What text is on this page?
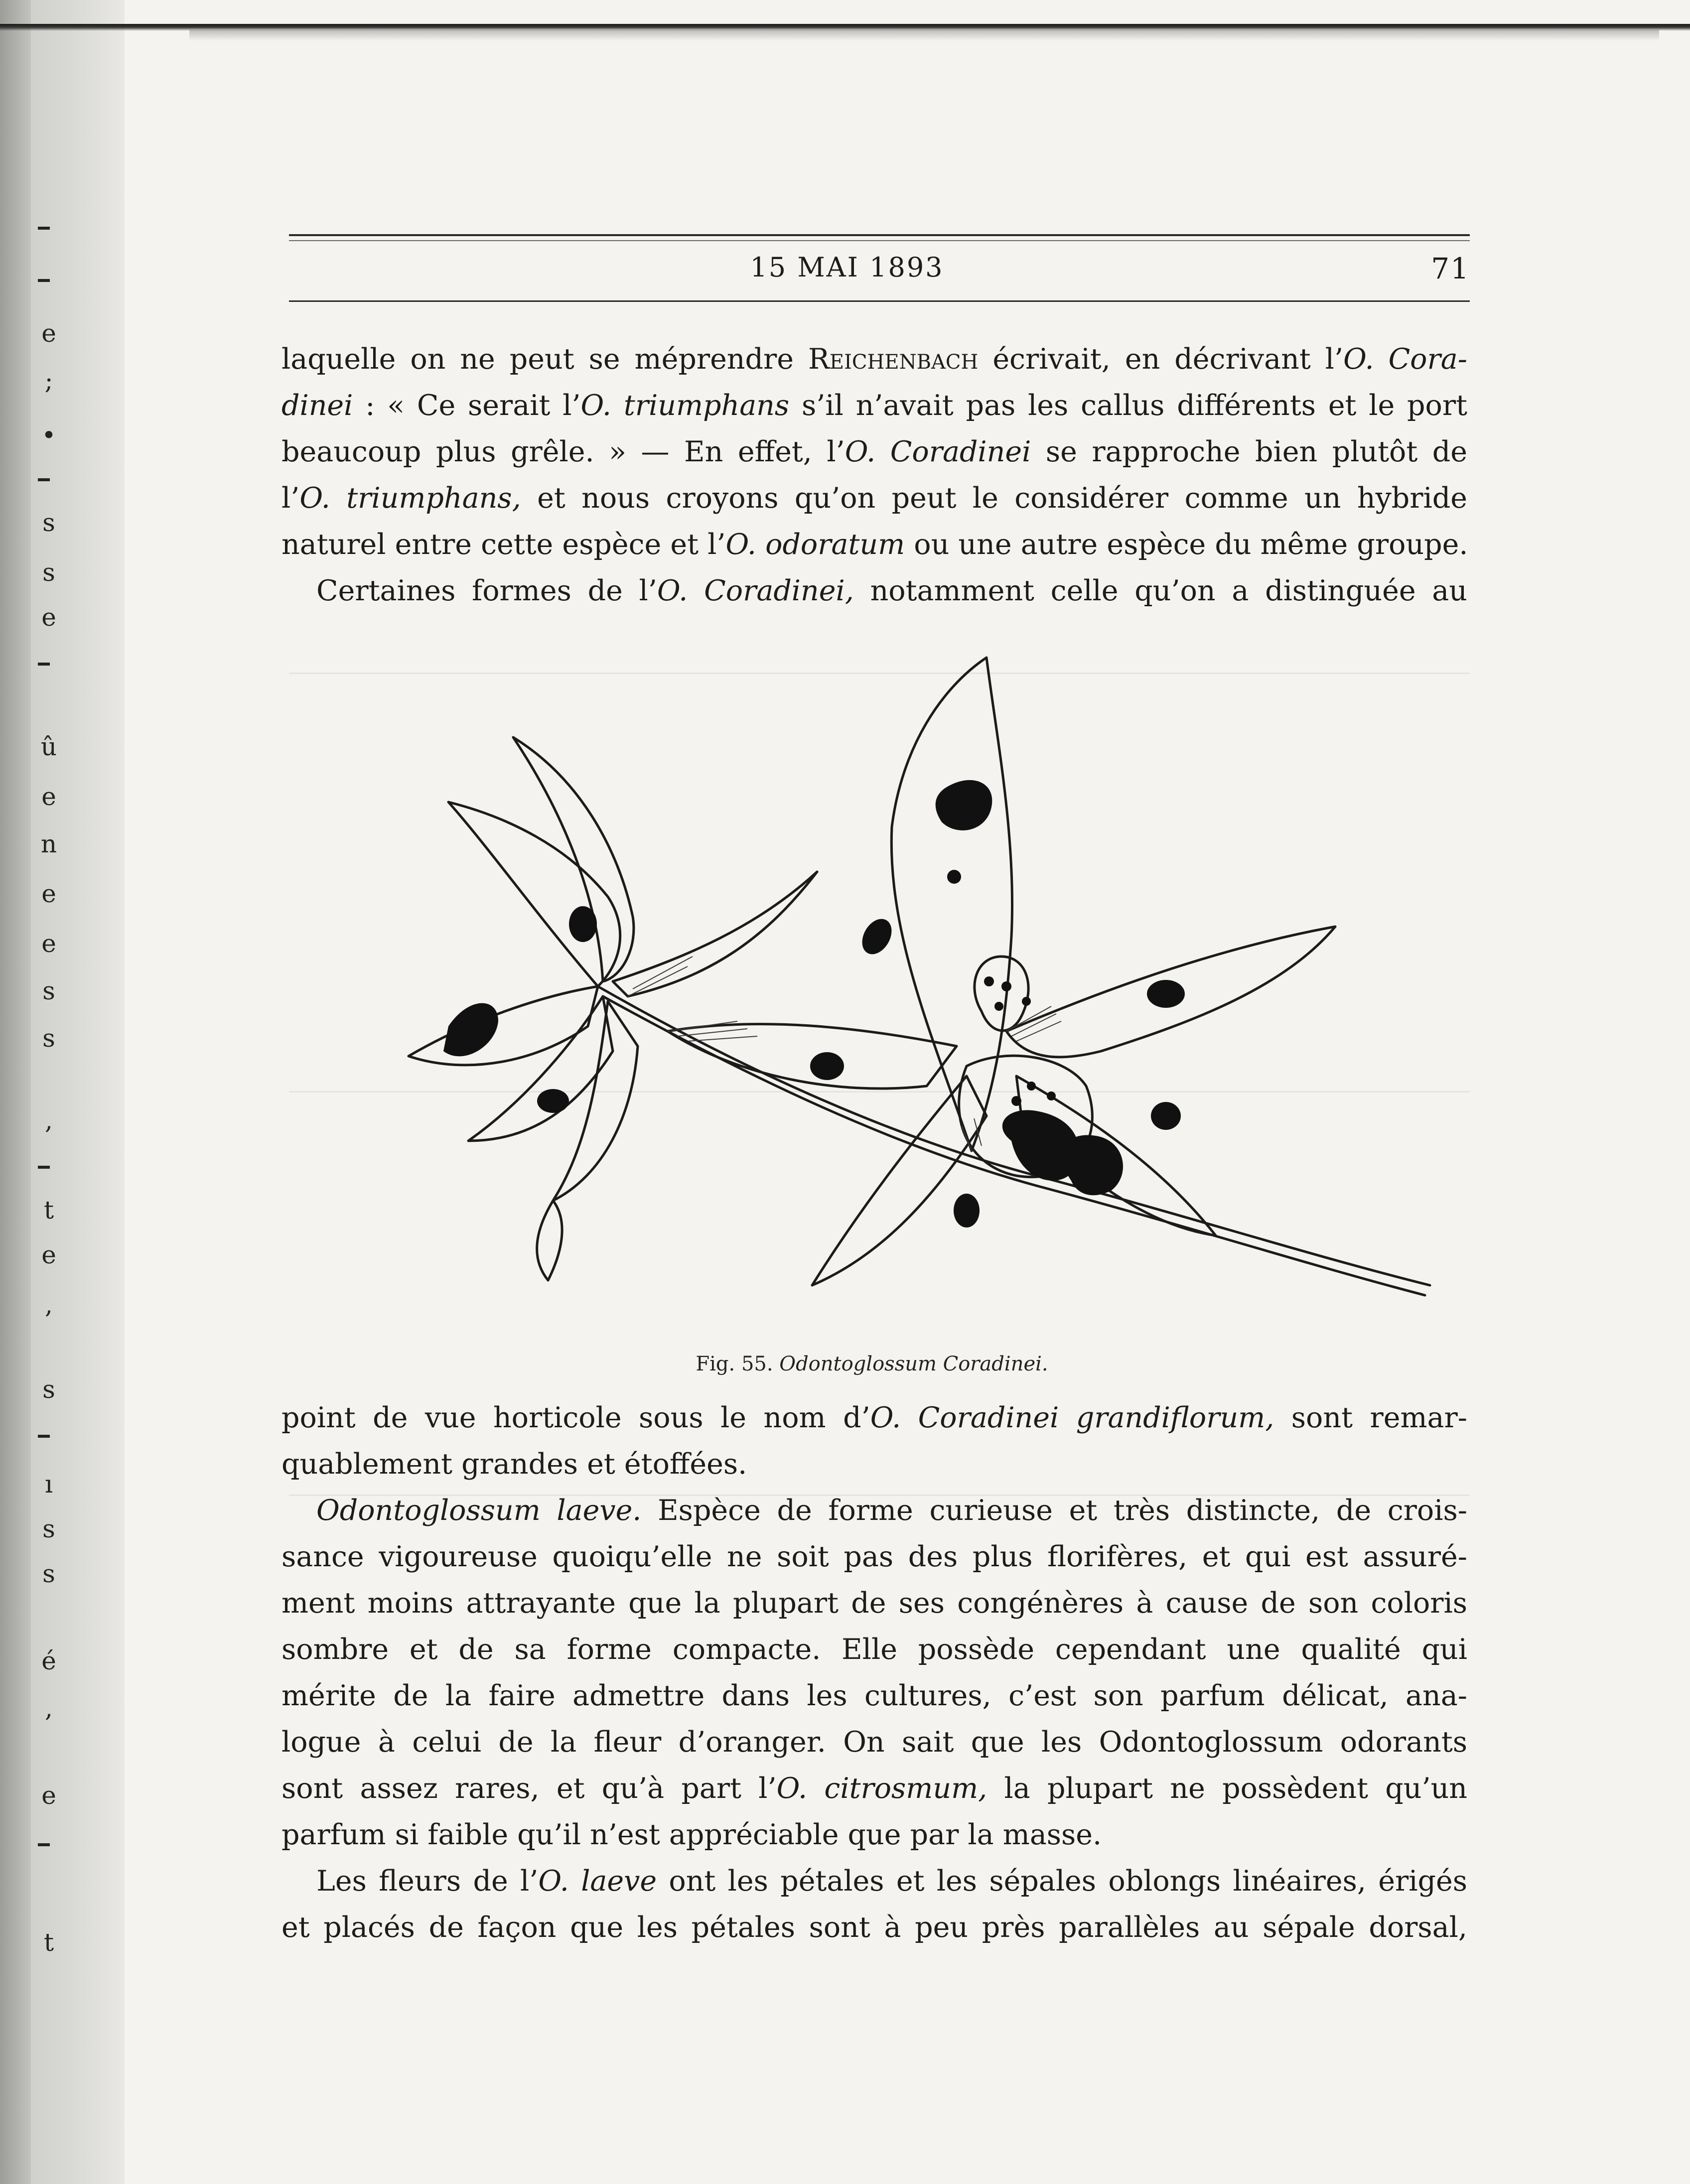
e
;
•
s
s
e
û
e
n
e
e
s
s
,
t
e
,
s
ı
s
s
é
,
e
t
15 MAI 1893	71
laquelle on ne peut se méprendre Reichenbach écrivait, en décrivant l’O. Cora-
dinei : « Ce serait l’O. triumphans s’il n’avait pas les callus différents et le port
beaucoup plus grêle. » — En effet, l’O. Coradinei se rapproche bien plutôt de
l’O. triumphans, et nous croyons qu’on peut le considérer comme un hybride
naturel entre cette espèce et l’O. odoratum ou une autre espèce du même groupe.
Certaines formes de l’O. Coradinei, notamment celle qu’on a distinguée au
Fig. 55. Odontoglossum Coradinei.
point de vue horticole sous le nom d’O. Coradinei grandiflorum, sont remar-
quablement grandes et étoffées.
Odontoglossum laeve. Espèce de forme curieuse et très distincte, de crois-
sance vigoureuse quoiqu’elle ne soit pas des plus florifères, et qui est assuré-
ment moins attrayante que la plupart de ses congénères à cause de son coloris
sombre et de sa forme compacte. Elle possède cependant une qualité qui
mérite de la faire admettre dans les cultures, c’est son parfum délicat, ana-
logue à celui de la fleur d’oranger. On sait que les Odontoglossum odorants
sont assez rares, et qu’à part l’O. citrosmum, la plupart ne possèdent qu’un
parfum si faible qu’il n’est appréciable que par la masse.
Les fleurs de l’O. laeve ont les pétales et les sépales oblongs linéaires, érigés
et placés de façon que les pétales sont à peu près parallèles au sépale dorsal,
